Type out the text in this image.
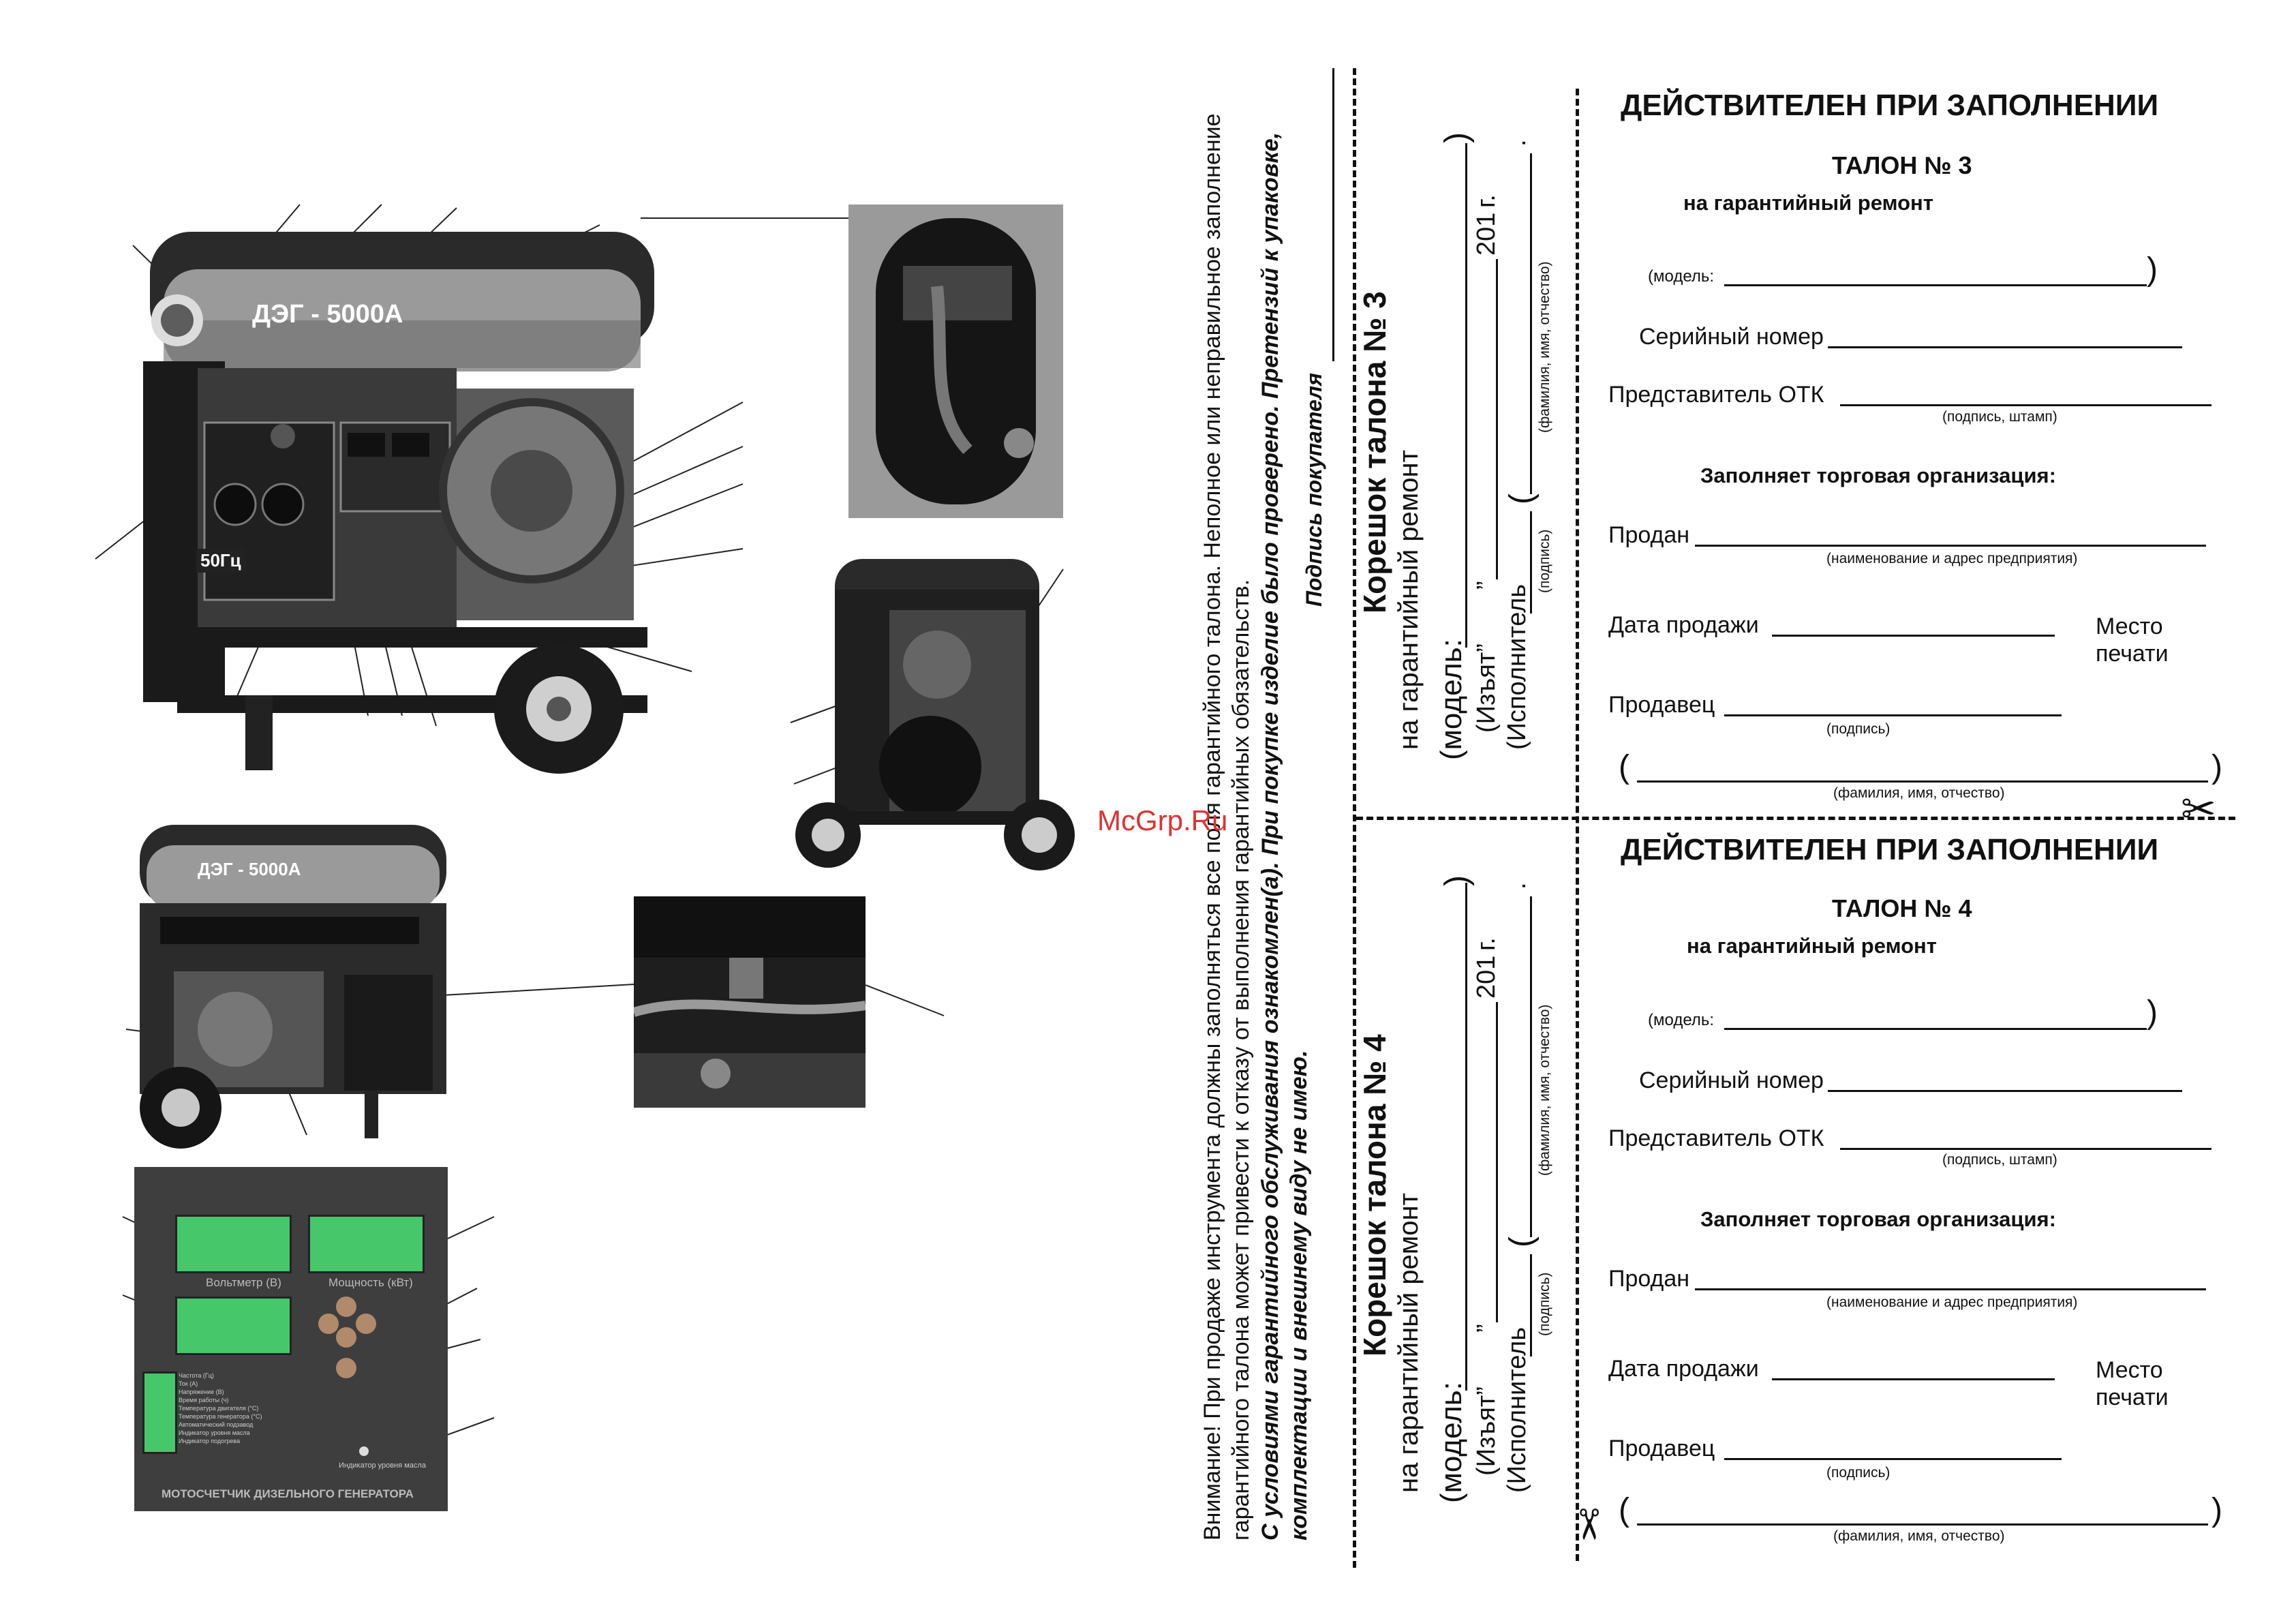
ДЭГ - 5000А
50Гц
ДЭГ - 5000А
Вольтметр (В)	Мощность (кВт)
Частота (Гц)
Ток (А)
Напряжение (В)
Время работы (ч)
Температура двигателя (°С)
Температура генератора (°С)
Автоматический подзавод
Индикатор уровня масла
Индикатор подогрева
Индикатор уровня масла
МОТОСЧЕТЧИК ДИЗЕЛЬНОГО ГЕНЕРАТОРА	Внимание! При продаже инструмента должны заполняться все поля гарантийного талона. Неполное или неправильное заполнение гарантийного талона может привести к отказу от выполнения гарантийных обязательств. С условиями гарантийного обслуживания ознакомлен(а). При покупке изделие было проверено. Претензий к упаковке, комплектации и внешнему виду не имею.
Подпись покупателя
McGrp.Ru	✂
✂
Корешок талона № 3 на гарантийный ремонт (модель:
)
(Изъят”
”
201
г.
(Исполнитель
(
.
(подпись)
(фамилия, имя, отчество)
Корешок талона № 4 на гарантийный ремонт (модель:
)
(Изъят”
”
201
г.
(Исполнитель
(
.
(подпись)
(фамилия, имя, отчество)
ДЕЙСТВИТЕЛЕН ПРИ ЗАПОЛНЕНИИ
ТАЛОН № 3
на гарантийный ремонт
(модель:	)
Серийный номер
Представитель ОТК
(подпись, штамп)
Заполняет торговая организация:
Продан
(наименование и адрес предприятия)
Дата продажи	Место
печати
Продавец
(подпись)
(	)
(фамилия, имя, отчество)
ДЕЙСТВИТЕЛЕН ПРИ ЗАПОЛНЕНИИ
ТАЛОН № 4
на гарантийный ремонт
(модель:	)
Серийный номер
Представитель ОТК
(подпись, штамп)
Заполняет торговая организация:
Продан
(наименование и адрес предприятия)
Дата продажи	Место
печати
Продавец
(подпись)
(	)
(фамилия, имя, отчество)
